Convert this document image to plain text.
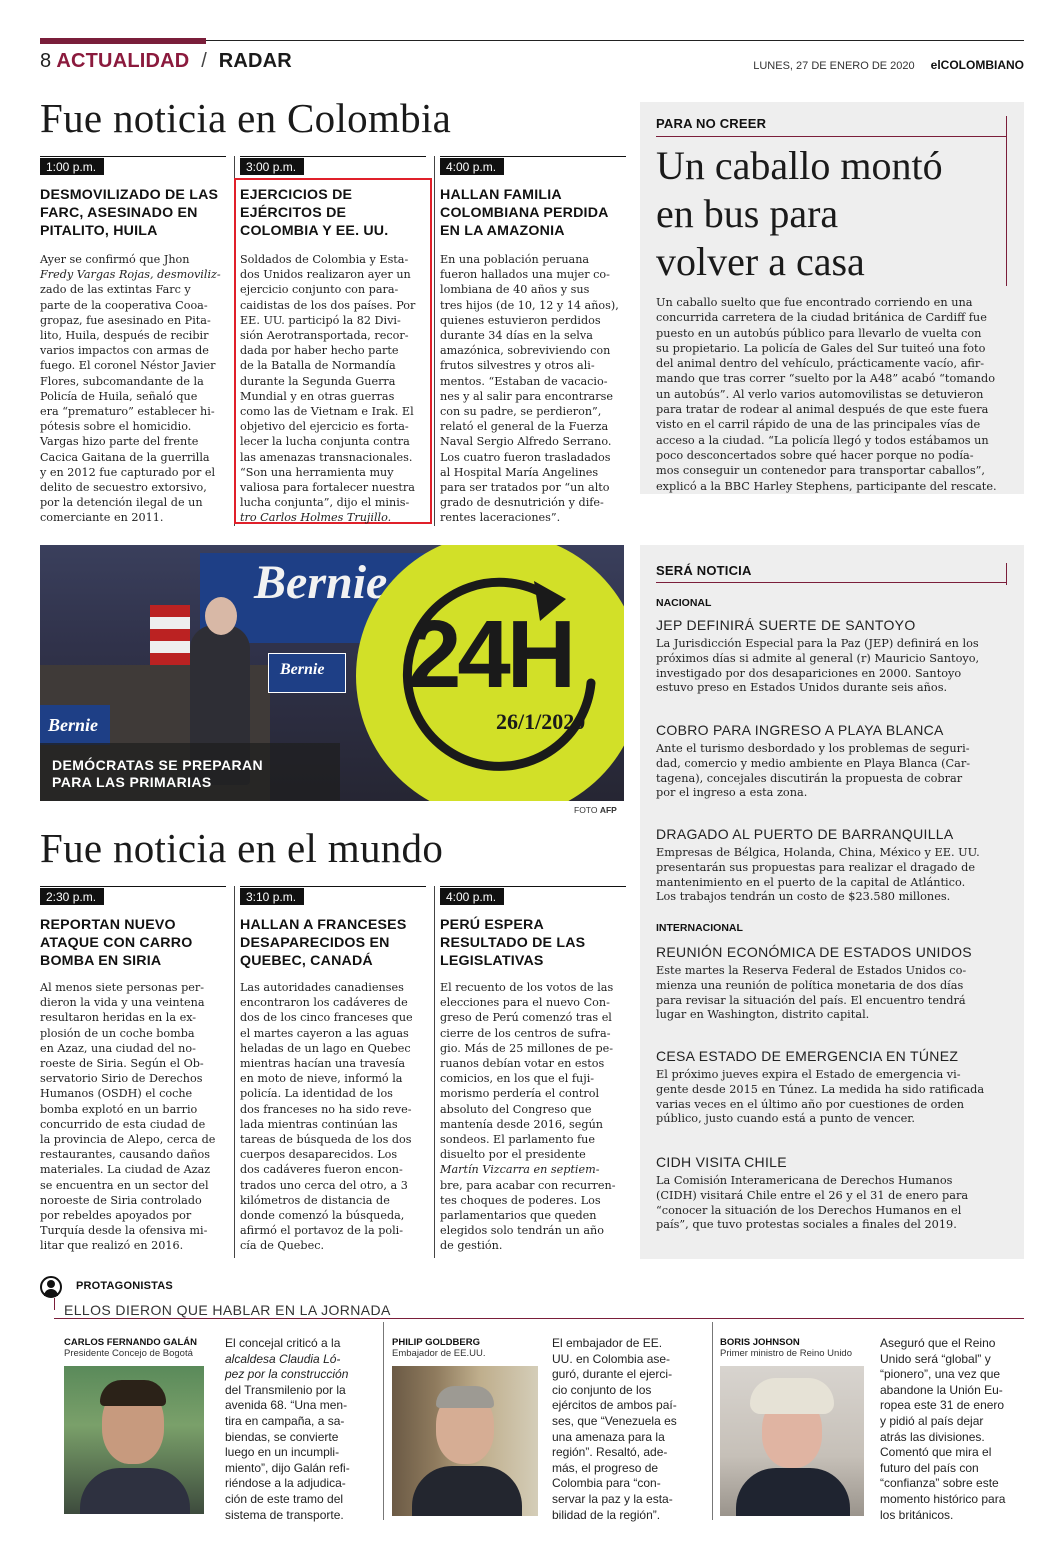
8 ACTUALIDAD / RADAR	LUNES, 27 DE ENERO DE 2020 elCOLOMBIANO
Fue noticia en Colombia
1:00 p.m.
DESMOVILIZADO DE LAS FARC, ASESINADO EN PITALITO, HUILA
Ayer se confirmó que Jhon
Fredy Vargas Rojas, desmoviliz-
zado de las extintas Farc y
parte de la cooperativa Cooa-
gropaz, fue asesinado en Pita-
lito, Huila, después de recibir
varios impactos con armas de
fuego. El coronel Néstor Javier
Flores, subcomandante de la
Policía de Huila, señaló que
era “prematuro” establecer hi-
pótesis sobre el homicidio.
Vargas hizo parte del frente
Cacica Gaitana de la guerrilla
y en 2012 fue capturado por el
delito de secuestro extorsivo,
por la detención ilegal de un
comerciante en 2011.
3:00 p.m.
EJERCICIOS DE EJÉRCITOS DE COLOMBIA Y EE. UU.
Soldados de Colombia y Esta-
dos Unidos realizaron ayer un
ejercicio conjunto con para-
caidistas de los dos países. Por
EE. UU. participó la 82 Divi-
sión Aerotransportada, recor-
dada por haber hecho parte
de la Batalla de Normandía
durante la Segunda Guerra
Mundial y en otras guerras
como las de Vietnam e Irak. El
objetivo del ejercicio es forta-
lecer la lucha conjunta contra
las amenazas transnacionales.
“Son una herramienta muy
valiosa para fortalecer nuestra
lucha conjunta”, dijo el minis-
tro Carlos Holmes Trujillo.
4:00 p.m.
HALLAN FAMILIA COLOMBIANA PERDIDA EN LA AMAZONIA
En una población peruana
fueron hallados una mujer co-
lombiana de 40 años y sus
tres hijos (de 10, 12 y 14 años),
quienes estuvieron perdidos
durante 34 días en la selva
amazónica, sobreviviendo con
frutos silvestres y otros ali-
mentos. “Estaban de vacacio-
nes y al salir para encontrarse
con su padre, se perdieron”,
relató el general de la Fuerza
Naval Sergio Alfredo Serrano.
Los cuatro fueron trasladados
al Hospital María Angelines
para ser tratados por “un alto
grado de desnutrición y dife-
rentes laceraciones”.
PARA NO CREER
Un caballo montó
en bus para
volver a casa
Un caballo suelto que fue encontrado corriendo en una
concurrida carretera de la ciudad británica de Cardiff fue
puesto en un autobús público para llevarlo de vuelta con
su propietario. La policía de Gales del Sur tuiteó una foto
del animal dentro del vehículo, prácticamente vacío, afir-
mando que tras correr “suelto por la A48” acabó “tomando
un autobús”. Al verlo varios automovilistas se detuvieron
para tratar de rodear al animal después de que este fuera
visto en el carril rápido de una de las principales vías de
acceso a la ciudad. “La policía llegó y todos estábamos un
poco desconcertados sobre qué hacer porque no podía-
mos conseguir un contenedor para transportar caballos”,
explicó a la BBC Harley Stephens, participante del rescate.
Bernie
Bernie
Bernie
DEMÓCRATAS SE PREPARAN
PARA LAS PRIMARIAS
24H
26/1/2020
FOTO AFP
SERÁ NOTICIA
NACIONAL
JEP DEFINIRÁ SUERTE DE SANTOYO
La Jurisdicción Especial para la Paz (JEP) definirá en los
próximos días si admite al general (r) Mauricio Santoyo,
investigado por dos desapariciones en 2000. Santoyo
estuvo preso en Estados Unidos durante seis años.
COBRO PARA INGRESO A PLAYA BLANCA
Ante el turismo desbordado y los problemas de seguri-
dad, comercio y medio ambiente en Playa Blanca (Car-
tagena), concejales discutirán la propuesta de cobrar
por el ingreso a esta zona.
DRAGADO AL PUERTO DE BARRANQUILLA
Empresas de Bélgica, Holanda, China, México y EE. UU.
presentarán sus propuestas para realizar el dragado de
mantenimiento en el puerto de la capital de Atlántico.
Los trabajos tendrán un costo de $23.580 millones.
INTERNACIONAL
REUNIÓN ECONÓMICA DE ESTADOS UNIDOS
Este martes la Reserva Federal de Estados Unidos co-
mienza una reunión de política monetaria de dos días
para revisar la situación del país. El encuentro tendrá
lugar en Washington, distrito capital.
CESA ESTADO DE EMERGENCIA EN TÚNEZ
El próximo jueves expira el Estado de emergencia vi-
gente desde 2015 en Túnez. La medida ha sido ratificada
varias veces en el último año por cuestiones de orden
público, justo cuando está a punto de vencer.
CIDH VISITA CHILE
La Comisión Interamericana de Derechos Humanos
(CIDH) visitará Chile entre el 26 y el 31 de enero para
“conocer la situación de los Derechos Humanos en el
país”, que tuvo protestas sociales a finales del 2019.
Fue noticia en el mundo
2:30 p.m.
REPORTAN NUEVO ATAQUE CON CARRO BOMBA EN SIRIA
Al menos siete personas per-
dieron la vida y una veintena
resultaron heridas en la ex-
plosión de un coche bomba
en Azaz, una ciudad del no-
roeste de Siria. Según el Ob-
servatorio Sirio de Derechos
Humanos (OSDH) el coche
bomba explotó en un barrio
concurrido de esta ciudad de
la provincia de Alepo, cerca de
restaurantes, causando daños
materiales. La ciudad de Azaz
se encuentra en un sector del
noroeste de Siria controlado
por rebeldes apoyados por
Turquía desde la ofensiva mi-
litar que realizó en 2016.
3:10 p.m.
HALLAN A FRANCESES DESAPARECIDOS EN QUEBEC, CANADÁ
Las autoridades canadienses
encontraron los cadáveres de
dos de los cinco franceses que
el martes cayeron a las aguas
heladas de un lago en Quebec
mientras hacían una travesía
en moto de nieve, informó la
policía. La identidad de los
dos franceses no ha sido reve-
lada mientras continúan las
tareas de búsqueda de los dos
cuerpos desaparecidos. Los
dos cadáveres fueron encon-
trados uno cerca del otro, a 3
kilómetros de distancia de
donde comenzó la búsqueda,
afirmó el portavoz de la poli-
cía de Quebec.
4:00 p.m.
PERÚ ESPERA RESULTADO DE LAS LEGISLATIVAS
El recuento de los votos de las
elecciones para el nuevo Con-
greso de Perú comenzó tras el
cierre de los centros de sufra-
gio. Más de 25 millones de pe-
ruanos debían votar en estos
comicios, en los que el fuji-
morismo perdería el control
absoluto del Congreso que
mantenía desde 2016, según
sondeos. El parlamento fue
disuelto por el presidente
Martín Vizcarra en septiem-
bre, para acabar con recurren-
tes choques de poderes. Los
parlamentarios que queden
elegidos solo tendrán un año
de gestión.
PROTAGONISTAS
ELLOS DIERON QUE HABLAR EN LA JORNADA
CARLOS FERNANDO GALÁN
Presidente Concejo de Bogotá
El concejal criticó a la
alcaldesa Claudia Ló-
pez por la construcción
del Transmilenio por la
avenida 68. “Una men-
tira en campaña, a sa-
biendas, se convierte
luego en un incumpli-
miento”, dijo Galán refi-
riéndose a la adjudica-
ción de este tramo del
sistema de transporte.
PHILIP GOLDBERG
Embajador de EE.UU.
El embajador de EE.
UU. en Colombia ase-
guró, durante el ejerci-
cio conjunto de los
ejércitos de ambos paí-
ses, que “Venezuela es
una amenaza para la
región”. Resaltó, ade-
más, el progreso de
Colombia para “con-
servar la paz y la esta-
bilidad de la región”.
BORIS JOHNSON
Primer ministro de Reino Unido
Aseguró que el Reino
Unido será “global” y
“pionero”, una vez que
abandone la Unión Eu-
ropea este 31 de enero
y pidió al país dejar
atrás las divisiones.
Comentó que mira el
futuro del país con
“confianza” sobre este
momento histórico para
los británicos.
